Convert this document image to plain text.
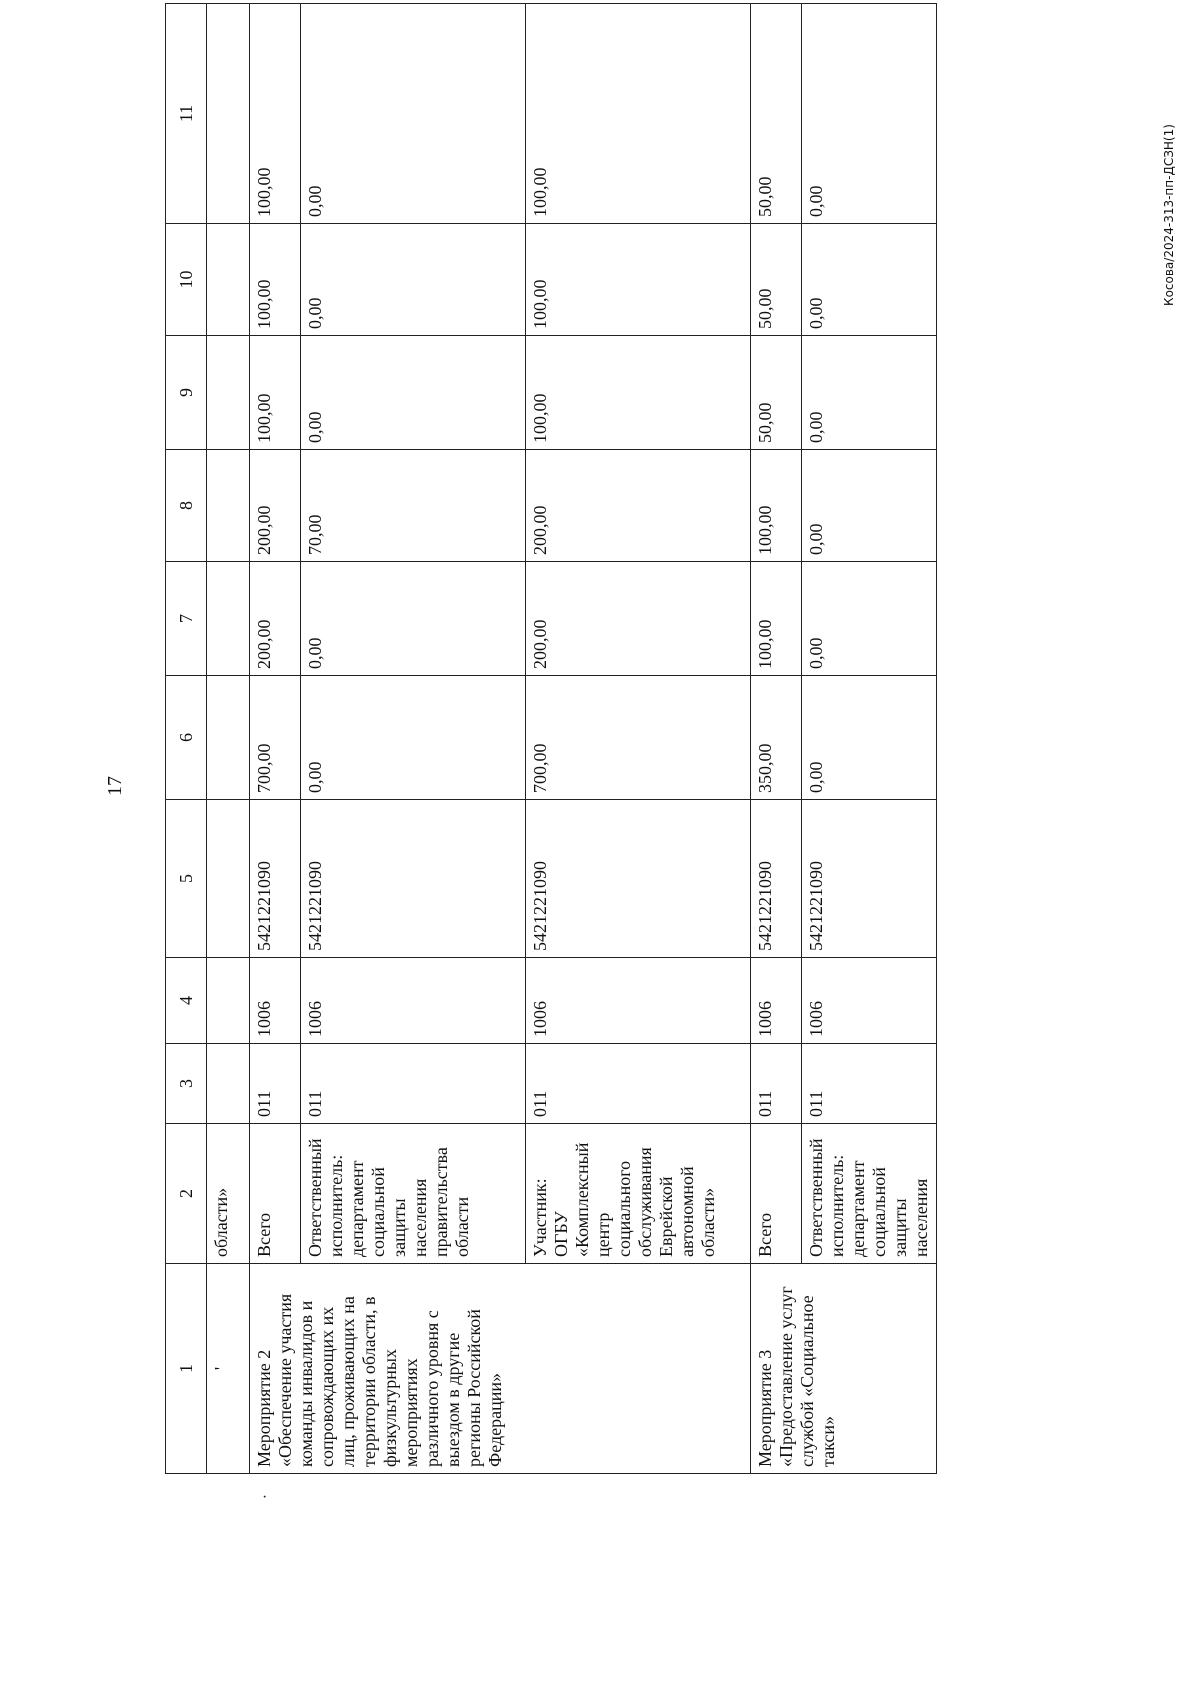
17
Косова/2024-313-пп-ДСЗН(1)
·
1	2	3	4	5	6	7	8	9	10	11
'	области»									
Мероприятие 2
«Обеспечение участия команды инвалидов и сопровождающих их лиц, проживающих на территории области, в физкультурных мероприятиях различного уровня с выездом в другие регионы Российской Федерации»	Всего	011	1006	5421221090	700,00	200,00	200,00	100,00	100,00	100,00
	Ответственный исполнитель: департамент социальной защиты населения правительства области	011	1006	5421221090	0,00	0,00	70,00	0,00	0,00	0,00
	Участник: ОГБУ «Комплексный центр социального обслуживания Еврейской автономной области»	011	1006	5421221090	700,00	200,00	200,00	100,00	100,00	100,00
Мероприятие 3
«Предоставление услуг службой «Социальное такси»	Всего	011	1006	5421221090	350,00	100,00	100,00	50,00	50,00	50,00
	Ответственный исполнитель: департамент социальной защиты населения	011	1006	5421221090	0,00	0,00	0,00	0,00	0,00	0,00
